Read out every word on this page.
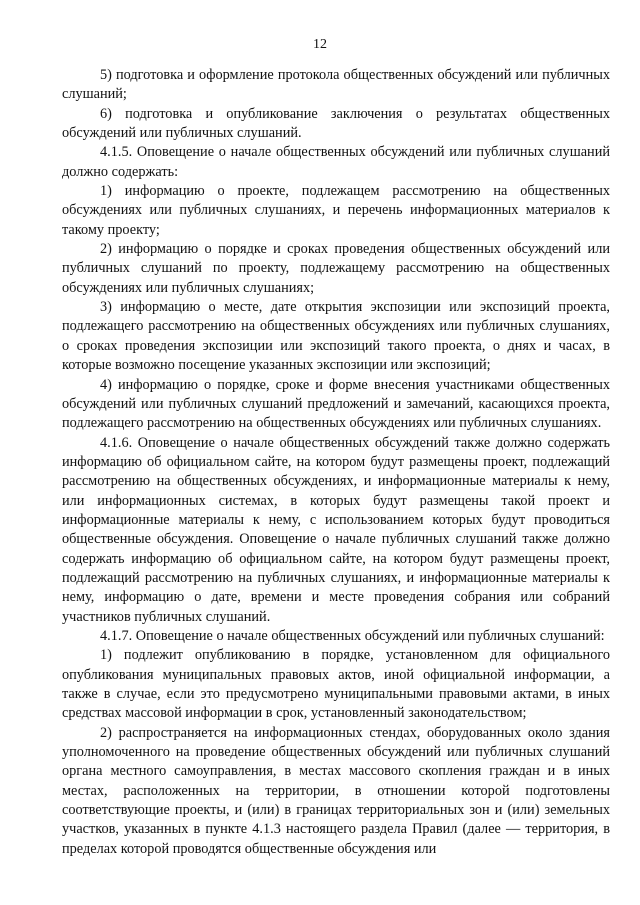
12

5) подготовка и оформление протокола общественных обсуждений или публичных слушаний;

6) подготовка и опубликование заключения о результатах общественных обсуждений или публичных слушаний.

4.1.5. Оповещение о начале общественных обсуждений или публичных слушаний должно содержать:

1) информацию о проекте, подлежащем рассмотрению на общественных обсуждениях или публичных слушаниях, и перечень информационных материалов к такому проекту;

2) информацию о порядке и сроках проведения общественных обсуждений или публичных слушаний по проекту, подлежащему рассмотрению на общественных обсуждениях или публичных слушаниях;

3) информацию о месте, дате открытия экспозиции или экспозиций проекта, подлежащего рассмотрению на общественных обсуждениях или публичных слушаниях, о сроках проведения экспозиции или экспозиций такого проекта, о днях и часах, в которые возможно посещение указанных экспозиции или экспозиций;

4) информацию о порядке, сроке и форме внесения участниками общественных обсуждений или публичных слушаний предложений и замечаний, касающихся проекта, подлежащего рассмотрению на общественных обсуждениях или публичных слушаниях.

4.1.6. Оповещение о начале общественных обсуждений также должно содержать информацию об официальном сайте, на котором будут размещены проект, подлежащий рассмотрению на общественных обсуждениях, и информационные материалы к нему, или информационных системах, в которых будут размещены такой проект и информационные материалы к нему, с использованием которых будут проводиться общественные обсуждения. Оповещение о начале публичных слушаний также должно содержать информацию об официальном сайте, на котором будут размещены проект, подлежащий рассмотрению на публичных слушаниях, и информационные материалы к нему, информацию о дате, времени и месте проведения собрания или собраний участников публичных слушаний.

4.1.7. Оповещение о начале общественных обсуждений или публичных слушаний:

1) подлежит опубликованию в порядке, установленном для официального опубликования муниципальных правовых актов, иной официальной информации, а также в случае, если это предусмотрено муниципальными правовыми актами, в иных средствах массовой информации в срок, установленный законодательством;

2) распространяется на информационных стендах, оборудованных около здания уполномоченного на проведение общественных обсуждений или публичных слушаний органа местного самоуправления, в местах массового скопления граждан и в иных местах, расположенных на территории, в отношении которой подготовлены соответствующие проекты, и (или) в границах территориальных зон и (или) земельных участков, указанных в пункте 4.1.3 настоящего раздела Правил (далее — территория, в пределах которой проводятся общественные обсуждения или
